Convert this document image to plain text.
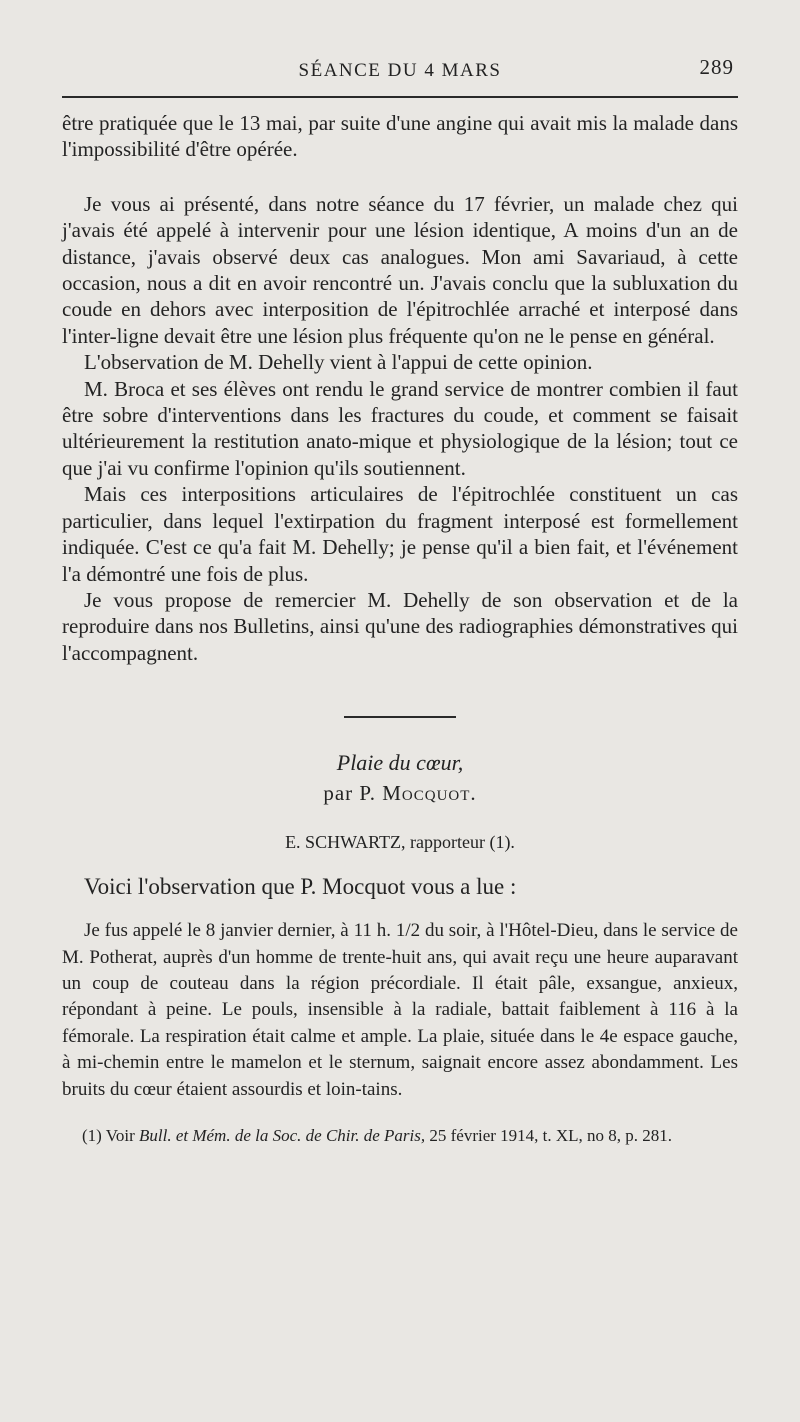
SÉANCE DU 4 MARS	289

être pratiquée que le 13 mai, par suite d'une angine qui avait mis la malade dans l'impossibilité d'être opérée.

Je vous ai présenté, dans notre séance du 17 février, un malade chez qui j'avais été appelé à intervenir pour une lésion identique, A moins d'un an de distance, j'avais observé deux cas analogues. Mon ami Savariaud, à cette occasion, nous a dit en avoir rencontré un. J'avais conclu que la subluxation du coude en dehors avec interposition de l'épitrochlée arraché et interposé dans l'inter-ligne devait être une lésion plus fréquente qu'on ne le pense en général.

L'observation de M. Dehelly vient à l'appui de cette opinion.

M. Broca et ses élèves ont rendu le grand service de montrer combien il faut être sobre d'interventions dans les fractures du coude, et comment se faisait ultérieurement la restitution anato-mique et physiologique de la lésion; tout ce que j'ai vu confirme l'opinion qu'ils soutiennent.

Mais ces interpositions articulaires de l'épitrochlée constituent un cas particulier, dans lequel l'extirpation du fragment interposé est formellement indiquée. C'est ce qu'a fait M. Dehelly; je pense qu'il a bien fait, et l'événement l'a démontré une fois de plus.

Je vous propose de remercier M. Dehelly de son observation et de la reproduire dans nos Bulletins, ainsi qu'une des radiographies démonstratives qui l'accompagnent.

Plaie du cœur,
par P. Mocquot.
E. SCHWARTZ, rapporteur (1).
Voici l'observation que P. Mocquot vous a lue :

Je fus appelé le 8 janvier dernier, à 11 h. 1/2 du soir, à l'Hôtel-Dieu, dans le service de M. Potherat, auprès d'un homme de trente-huit ans, qui avait reçu une heure auparavant un coup de couteau dans la région précordiale. Il était pâle, exsangue, anxieux, répondant à peine. Le pouls, insensible à la radiale, battait faiblement à 116 à la fémorale. La respiration était calme et ample. La plaie, située dans le 4e espace gauche, à mi-chemin entre le mamelon et le sternum, saignait encore assez abondamment. Les bruits du cœur étaient assourdis et loin-tains.

(1) Voir Bull. et Mém. de la Soc. de Chir. de Paris, 25 février 1914, t. XL, no 8, p. 281.
